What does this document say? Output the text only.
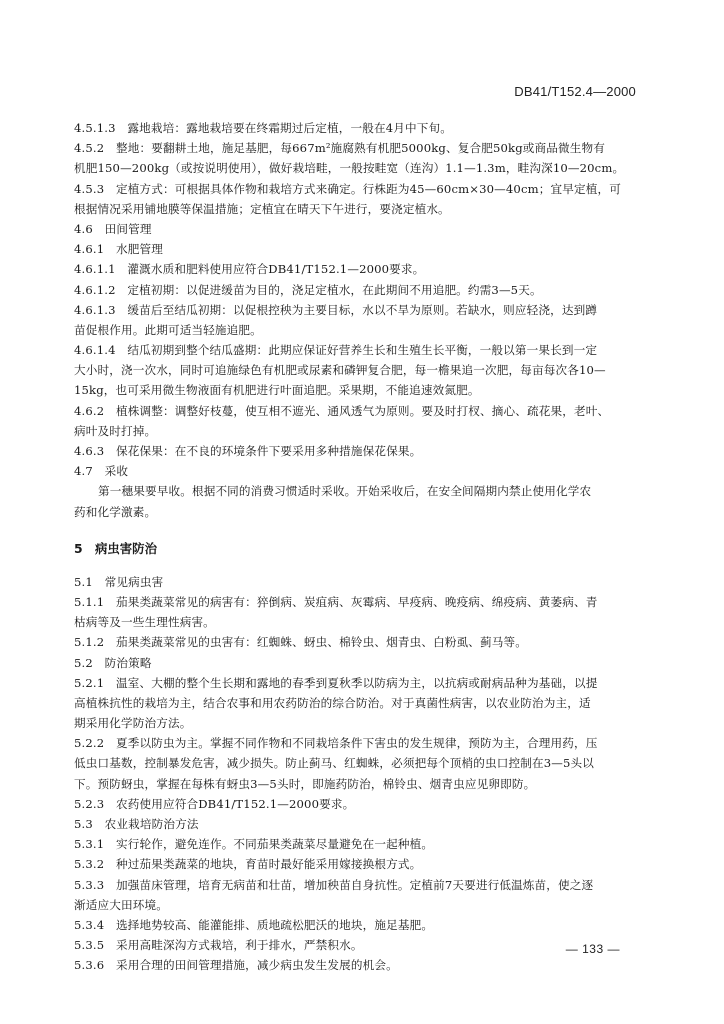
DB41/T152.4—2000
4.5.1.3　露地栽培：露地栽培要在终霜期过后定植，一般在4月中下旬。
4.5.2　整地：要翻耕土地，施足基肥，每667m²施腐熟有机肥5000kg、复合肥50kg或商品微生物有
机肥150—200kg（或按说明使用），做好栽培畦，一般按畦宽（连沟）1.1—1.3m，畦沟深10—20cm。
4.5.3　定植方式：可根据具体作物和栽培方式来确定。行株距为45—60cm×30—40cm；宜早定植，可
根据情况采用铺地膜等保温措施；定植宜在晴天下午进行，要浇定植水。
4.6　田间管理
4.6.1　水肥管理
4.6.1.1　灌溉水质和肥料使用应符合DB41/T152.1—2000要求。
4.6.1.2　定植初期：以促进缓苗为目的，浇足定植水，在此期间不用追肥。约需3—5天。
4.6.1.3　缓苗后至结瓜初期：以促根控秧为主要目标，水以不旱为原则。若缺水，则应轻浇，达到蹲
苗促根作用。此期可适当轻施追肥。
4.6.1.4　结瓜初期到整个结瓜盛期：此期应保证好营养生长和生殖生长平衡，一般以第一果长到一定
大小时，浇一次水，同时可追施绿色有机肥或尿素和磷钾复合肥，每一檐果追一次肥，每亩每次各10—
15kg，也可采用微生物液面有机肥进行叶面追肥。采果期，不能追速效氮肥。
4.6.2　植株调整：调整好枝蔓，使互相不遮光、通风透气为原则。要及时打杈、摘心、疏花果，老叶、
病叶及时打掉。
4.6.3　保花保果：在不良的环境条件下要采用多种措施保花保果。
4.7　采收
第一穗果要早收。根据不同的消费习惯适时采收。开始采收后，在安全间隔期内禁止使用化学农
药和化学激素。
5　病虫害防治
5.1　常见病虫害
5.1.1　茄果类蔬菜常见的病害有：猝倒病、炭疽病、灰霉病、早疫病、晚疫病、绵疫病、黄萎病、青
枯病等及一些生理性病害。
5.1.2　茄果类蔬菜常见的虫害有：红蜘蛛、蚜虫、棉铃虫、烟青虫、白粉虱、蓟马等。
5.2　防治策略
5.2.1　温室、大棚的整个生长期和露地的春季到夏秋季以防病为主，以抗病或耐病品种为基础，以提
高植株抗性的栽培为主，结合农事和用农药防治的综合防治。对于真菌性病害，以农业防治为主，适
期采用化学防治方法。
5.2.2　夏季以防虫为主。掌握不同作物和不同栽培条件下害虫的发生规律，预防为主，合理用药，压
低虫口基数，控制暴发危害，减少损失。防止蓟马、红蜘蛛，必须把每个顶梢的虫口控制在3—5头以
下。预防蚜虫，掌握在每株有蚜虫3—5头时，即施药防治，棉铃虫、烟青虫应见卵即防。
5.2.3　农药使用应符合DB41/T152.1—2000要求。
5.3　农业栽培防治方法
5.3.1　实行轮作，避免连作。不同茄果类蔬菜尽量避免在一起种植。
5.3.2　种过茄果类蔬菜的地块，育苗时最好能采用嫁接换根方式。
5.3.3　加强苗床管理，培育无病苗和壮苗，增加秧苗自身抗性。定植前7天要进行低温炼苗，使之逐
渐适应大田环境。
5.3.4　选择地势较高、能灌能排、质地疏松肥沃的地块，施足基肥。
5.3.5　采用高畦深沟方式栽培，利于排水，严禁积水。
5.3.6　采用合理的田间管理措施，减少病虫发生发展的机会。
— 133 —
